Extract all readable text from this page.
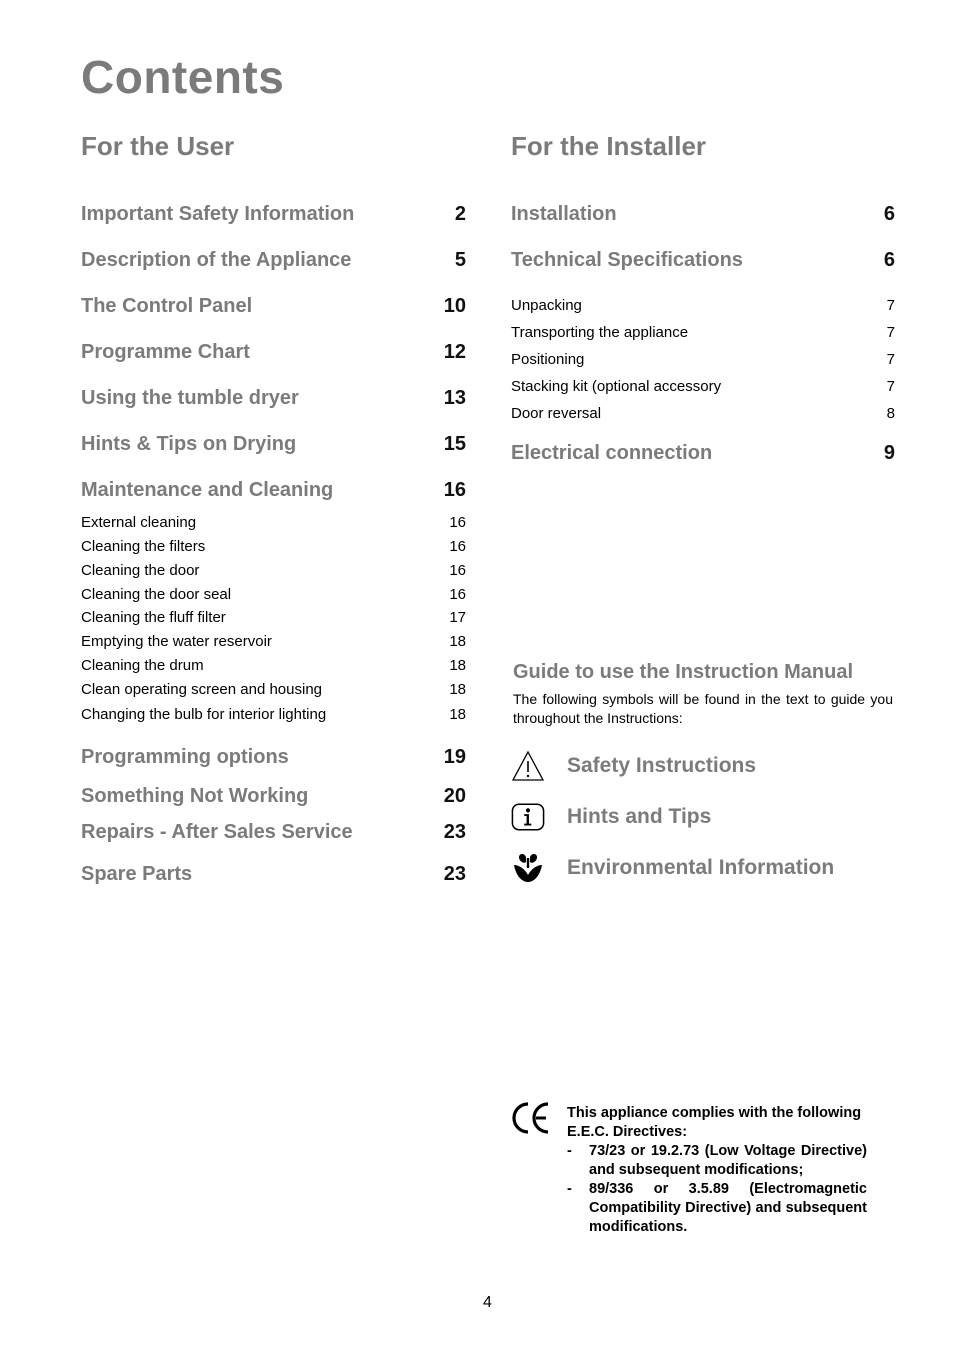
Contents
For the User
Important Safety Information	2
Description of the Appliance	5
The Control Panel	10
Programme Chart	12
Using the tumble dryer	13
Hints & Tips on Drying	15
Maintenance and Cleaning	16
External cleaning	16
Cleaning the filters	16
Cleaning the door	16
Cleaning the door seal	16
Cleaning the fluff filter	17
Emptying the water reservoir	18
Cleaning the drum	18
Clean operating screen and housing	18
Changing the bulb for interior lighting	18
Programming options	19
Something Not Working	20
Repairs - After Sales Service	23
Spare Parts	23
For the Installer
Installation	6
Technical Specifications	6
Unpacking	7
Transporting the appliance	7
Positioning	7
Stacking kit (optional accessory	7
Door reversal	8
Electrical connection	9
Guide to use the Instruction Manual
The following symbols will be found in the text to guide you throughout the Instructions:
Safety Instructions
Hints and Tips
Environmental Information
This appliance complies with the following E.E.C. Directives:
-	73/23 or 19.2.73 (Low Voltage Directive) and subsequent modifications;
-	89/336 or 3.5.89 (Electromagnetic Compatibility Directive) and subsequent modifications.
4
